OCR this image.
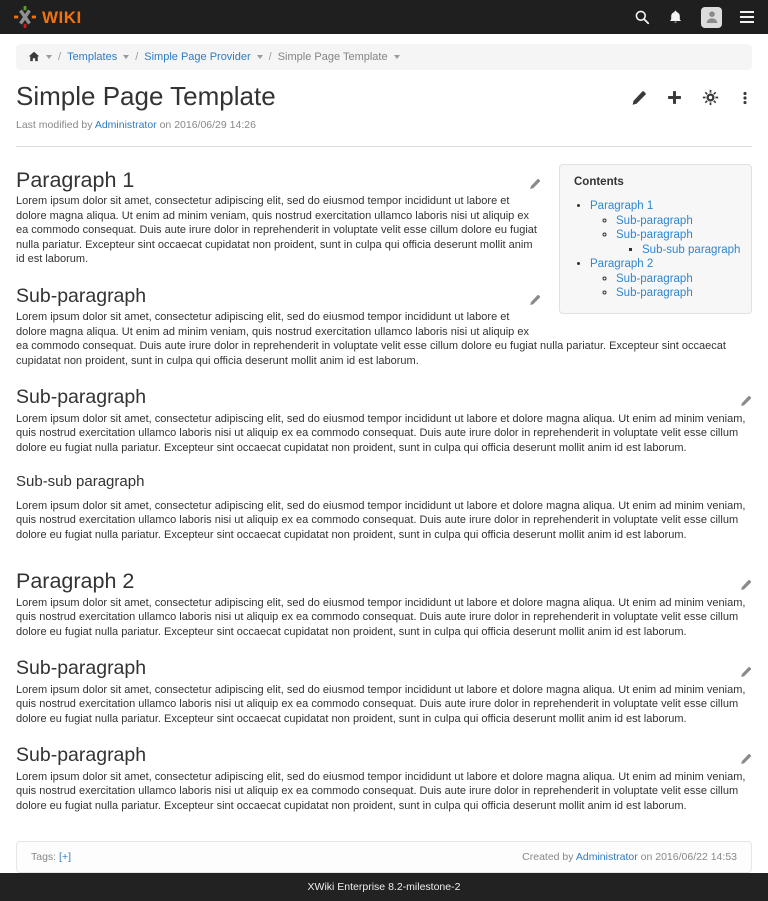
WIKI
/ Templates / Simple Page Provider / Simple Page Template
Simple Page Template
Last modified by Administrator on 2016/06/29 14:26

Contents

• Paragraph 1
◦ Sub-paragraph
◦ Sub-paragraph
▪ Sub-sub paragraph
• Paragraph 2
◦ Sub-paragraph
◦ Sub-paragraph
Paragraph 1

Lorem ipsum dolor sit amet, consectetur adipiscing elit, sed do eiusmod tempor incididunt ut labore et dolore magna aliqua. Ut enim ad minim veniam, quis nostrud exercitation ullamco laboris nisi ut aliquip ex ea commodo consequat. Duis aute irure dolor in reprehenderit in voluptate velit esse cillum dolore eu fugiat nulla pariatur. Excepteur sint occaecat cupidatat non proident, sunt in culpa qui officia deserunt mollit anim id est laborum.

Sub-paragraph

Lorem ipsum dolor sit amet, consectetur adipiscing elit, sed do eiusmod tempor incididunt ut labore et dolore magna aliqua. Ut enim ad minim veniam, quis nostrud exercitation ullamco laboris nisi ut aliquip ex ea commodo consequat. Duis aute irure dolor in reprehenderit in voluptate velit esse cillum dolore eu fugiat nulla pariatur. Excepteur sint occaecat cupidatat non proident, sunt in culpa qui officia deserunt mollit anim id est laborum.

Sub-paragraph

Lorem ipsum dolor sit amet, consectetur adipiscing elit, sed do eiusmod tempor incididunt ut labore et dolore magna aliqua. Ut enim ad minim veniam, quis nostrud exercitation ullamco laboris nisi ut aliquip ex ea commodo consequat. Duis aute irure dolor in reprehenderit in voluptate velit esse cillum dolore eu fugiat nulla pariatur. Excepteur sint occaecat cupidatat non proident, sunt in culpa qui officia deserunt mollit anim id est laborum.

Sub-sub paragraph

Lorem ipsum dolor sit amet, consectetur adipiscing elit, sed do eiusmod tempor incididunt ut labore et dolore magna aliqua. Ut enim ad minim veniam, quis nostrud exercitation ullamco laboris nisi ut aliquip ex ea commodo consequat. Duis aute irure dolor in reprehenderit in voluptate velit esse cillum dolore eu fugiat nulla pariatur. Excepteur sint occaecat cupidatat non proident, sunt in culpa qui officia deserunt mollit anim id est laborum.

Paragraph 2

Lorem ipsum dolor sit amet, consectetur adipiscing elit, sed do eiusmod tempor incididunt ut labore et dolore magna aliqua. Ut enim ad minim veniam, quis nostrud exercitation ullamco laboris nisi ut aliquip ex ea commodo consequat. Duis aute irure dolor in reprehenderit in voluptate velit esse cillum dolore eu fugiat nulla pariatur. Excepteur sint occaecat cupidatat non proident, sunt in culpa qui officia deserunt mollit anim id est laborum.

Sub-paragraph

Lorem ipsum dolor sit amet, consectetur adipiscing elit, sed do eiusmod tempor incididunt ut labore et dolore magna aliqua. Ut enim ad minim veniam, quis nostrud exercitation ullamco laboris nisi ut aliquip ex ea commodo consequat. Duis aute irure dolor in reprehenderit in voluptate velit esse cillum dolore eu fugiat nulla pariatur. Excepteur sint occaecat cupidatat non proident, sunt in culpa qui officia deserunt mollit anim id est laborum.

Sub-paragraph

Lorem ipsum dolor sit amet, consectetur adipiscing elit, sed do eiusmod tempor incididunt ut labore et dolore magna aliqua. Ut enim ad minim veniam, quis nostrud exercitation ullamco laboris nisi ut aliquip ex ea commodo consequat. Duis aute irure dolor in reprehenderit in voluptate velit esse cillum dolore eu fugiat nulla pariatur. Excepteur sint occaecat cupidatat non proident, sunt in culpa qui officia deserunt mollit anim id est laborum.

Tags:
[+]	Created by Administrator on 2016/06/22 14:53
XWiki Enterprise 8.2-milestone-2
